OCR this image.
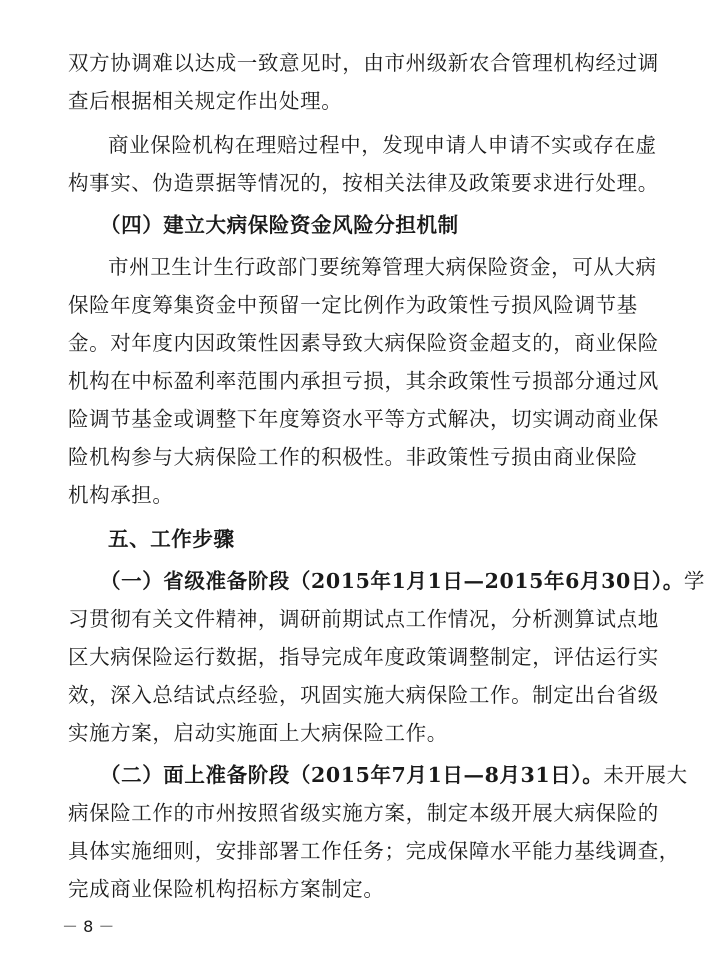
双方协调难以达成一致意见时，由市州级新农合管理机构经过调
查后根据相关规定作出处理。
商业保险机构在理赔过程中，发现申请人申请不实或存在虚
构事实、伪造票据等情况的，按相关法律及政策要求进行处理。
（四）建立大病保险资金风险分担机制
市州卫生计生行政部门要统筹管理大病保险资金，可从大病
保险年度筹集资金中预留一定比例作为政策性亏损风险调节基
金。对年度内因政策性因素导致大病保险资金超支的，商业保险
机构在中标盈利率范围内承担亏损，其余政策性亏损部分通过风
险调节基金或调整下年度筹资水平等方式解决，切实调动商业保
险机构参与大病保险工作的积极性。非政策性亏损由商业保险
机构承担。
五、工作步骤
（一）省级准备阶段（2015年1月1日—2015年6月30日）。学
习贯彻有关文件精神，调研前期试点工作情况，分析测算试点地
区大病保险运行数据，指导完成年度政策调整制定，评估运行实
效，深入总结试点经验，巩固实施大病保险工作。制定出台省级
实施方案，启动实施面上大病保险工作。
（二）面上准备阶段（2015年7月1日—8月31日）。未开展大
病保险工作的市州按照省级实施方案，制定本级开展大病保险的
具体实施细则，安排部署工作任务；完成保障水平能力基线调查，
完成商业保险机构招标方案制定。
－ 8 －
